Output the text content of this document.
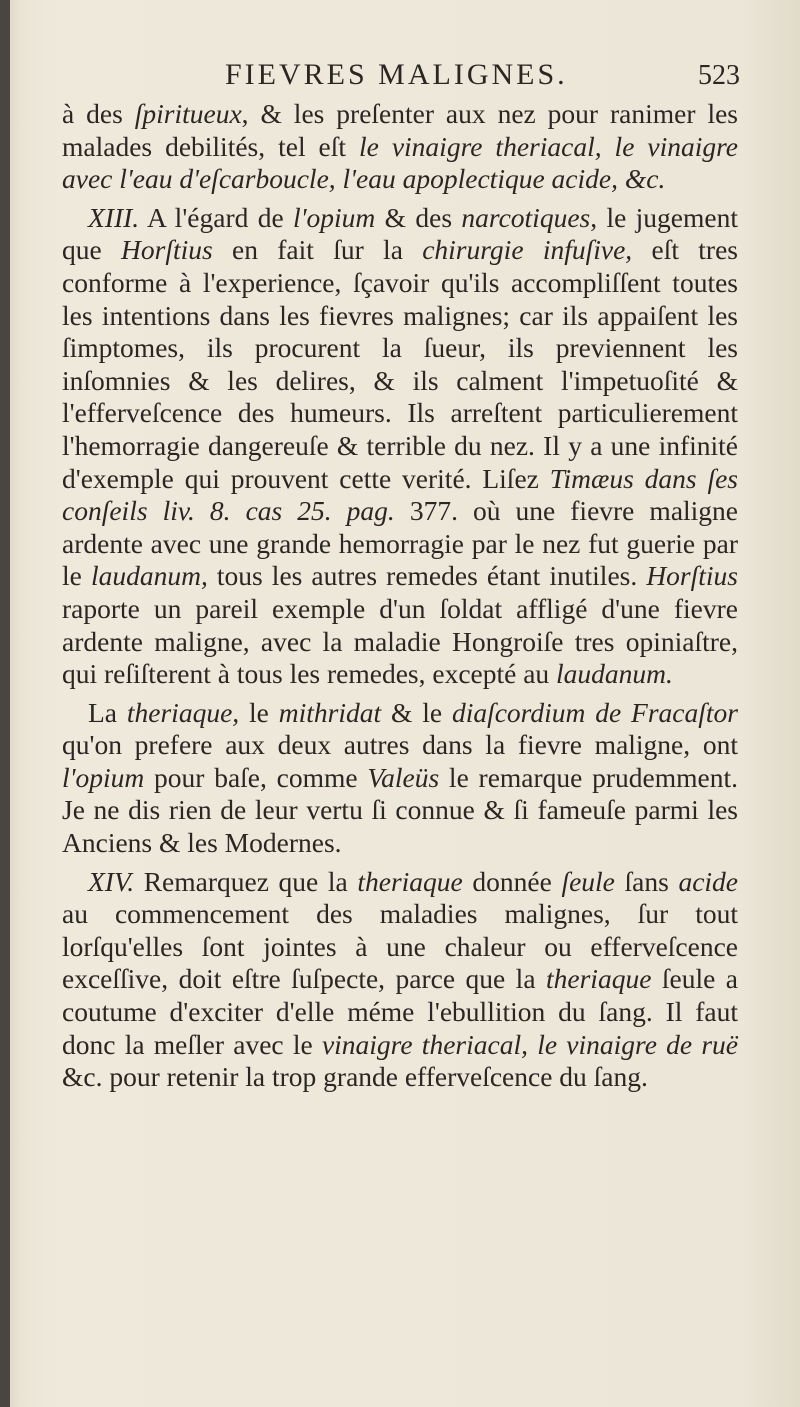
FIEVRES MALIGNES.	523

à des ſpiritueux, & les preſenter aux nez pour ranimer les malades debilités, tel eſt le vinaigre theriacal, le vinaigre avec l'eau d'eſcarboucle, l'eau apoplectique acide, &c.

XIII. A l'égard de l'opium & des narcotiques, le jugement que Horſtius en fait ſur la chirurgie infuſive, eſt tres conforme à l'experience, ſçavoir qu'ils accompliſſent toutes les intentions dans les fievres malignes; car ils appaiſent les ſimptomes, ils procurent la ſueur, ils previennent les inſomnies & les delires, & ils calment l'impetuoſité & l'efferveſcence des humeurs. Ils arreſtent particulierement l'hemorragie dangereuſe & terrible du nez. Il y a une infinité d'exemple qui prouvent cette verité. Liſez Timæus dans ſes conſeils liv. 8. cas 25. pag. 377. où une fievre maligne ardente avec une grande hemorragie par le nez fut guerie par le laudanum, tous les autres remedes étant inutiles. Horſtius raporte un pareil exemple d'un ſoldat affligé d'une fievre ardente maligne, avec la maladie Hongroiſe tres opiniaſtre, qui reſiſterent à tous les remedes, excepté au laudanum.

La theriaque, le mithridat & le diaſcordium de Fracaſtor qu'on prefere aux deux autres dans la fievre maligne, ont l'opium pour baſe, comme Valeüs le remarque prudemment. Je ne dis rien de leur vertu ſi connue & ſi fameuſe parmi les Anciens & les Modernes.

XIV. Remarquez que la theriaque donnée ſeule ſans acide au commencement des maladies malignes, ſur tout lorſqu'elles ſont jointes à une chaleur ou efferveſcence exceſſive, doit eſtre ſuſpecte, parce que la theriaque ſeule a coutume d'exciter d'elle méme l'ebullition du ſang. Il faut donc la meſler avec le vinaigre theriacal, le vinaigre de ruë &c. pour retenir la trop grande efferveſcence du ſang.
